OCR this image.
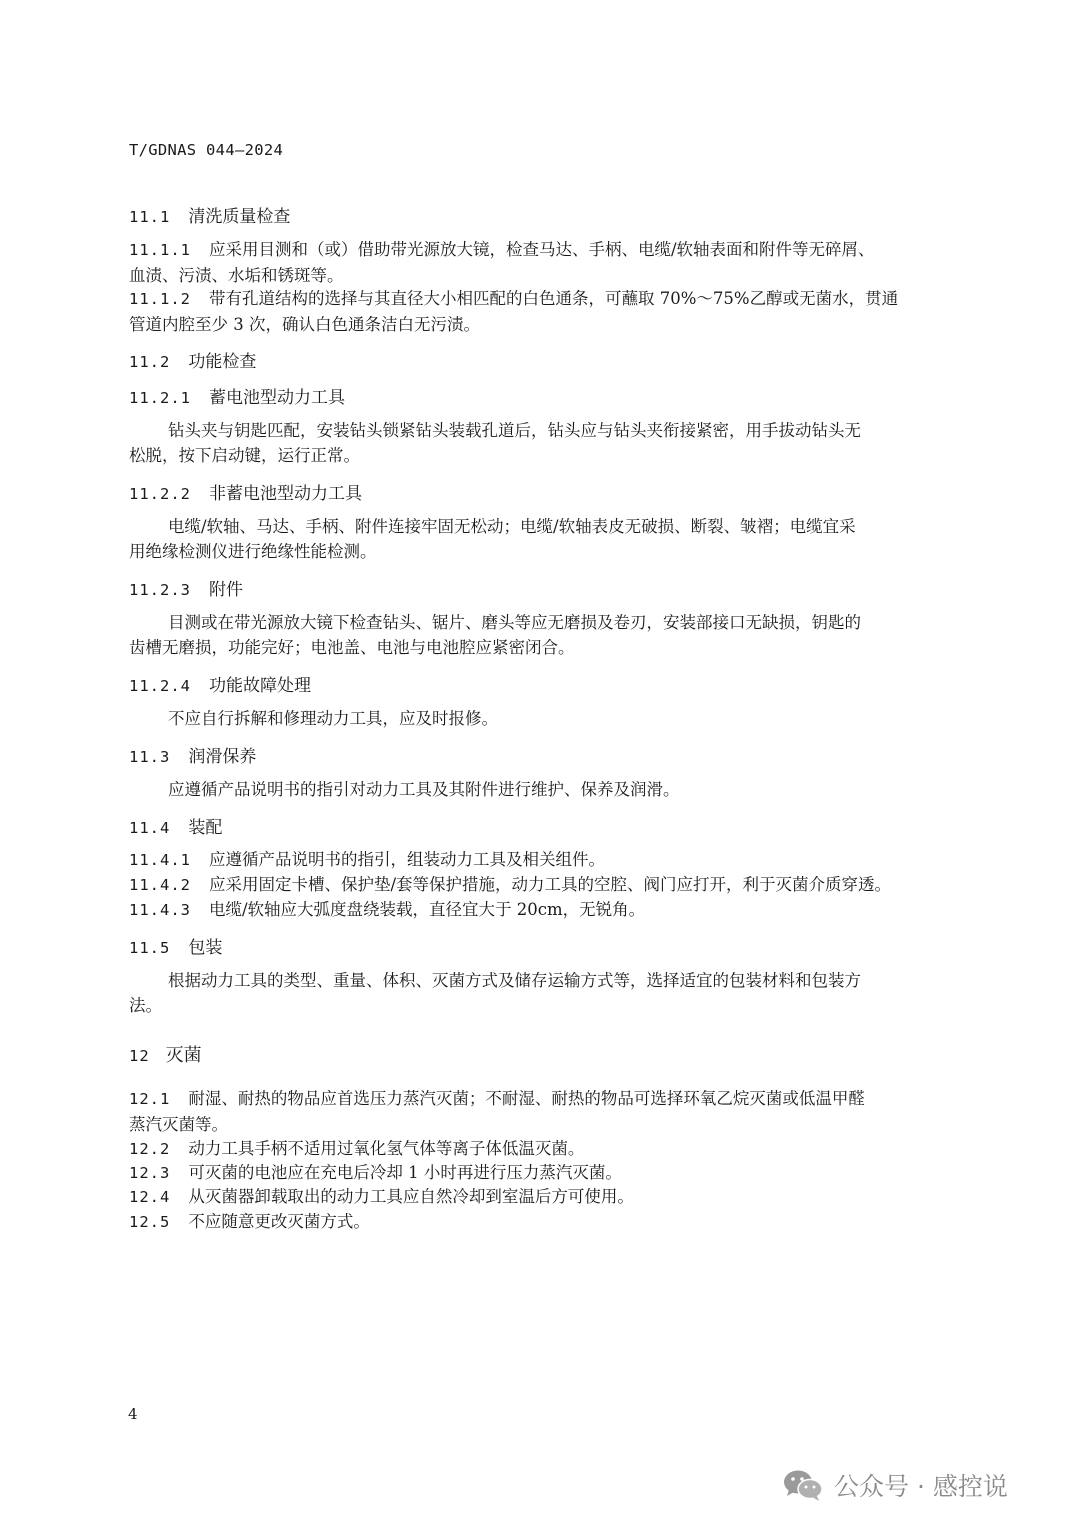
T/GDNAS 044—2024
11.1 清洗质量检查
11.1.1 应采用目测和（或）借助带光源放大镜，检查马达、手柄、电缆/软轴表面和附件等无碎屑、
血渍、污渍、水垢和锈斑等。
11.1.2 带有孔道结构的选择与其直径大小相匹配的白色通条，可蘸取 70%～75%乙醇或无菌水，贯通
管道内腔至少 3 次，确认白色通条洁白无污渍。
11.2 功能检查
11.2.1 蓄电池型动力工具
钻头夹与钥匙匹配，安装钻头锁紧钻头装载孔道后，钻头应与钻头夹衔接紧密，用手拔动钻头无
松脱，按下启动键，运行正常。
11.2.2 非蓄电池型动力工具
电缆/软轴、马达、手柄、附件连接牢固无松动；电缆/软轴表皮无破损、断裂、皱褶；电缆宜采
用绝缘检测仪进行绝缘性能检测。
11.2.3 附件
目测或在带光源放大镜下检查钻头、锯片、磨头等应无磨损及卷刃，安装部接口无缺损，钥匙的
齿槽无磨损，功能完好；电池盖、电池与电池腔应紧密闭合。
11.2.4 功能故障处理
不应自行拆解和修理动力工具，应及时报修。
11.3 润滑保养
应遵循产品说明书的指引对动力工具及其附件进行维护、保养及润滑。
11.4 装配
11.4.1 应遵循产品说明书的指引，组装动力工具及相关组件。
11.4.2 应采用固定卡槽、保护垫/套等保护措施，动力工具的空腔、阀门应打开，利于灭菌介质穿透。
11.4.3 电缆/软轴应大弧度盘绕装载，直径宜大于 20cm，无锐角。
11.5 包装
根据动力工具的类型、重量、体积、灭菌方式及储存运输方式等，选择适宜的包装材料和包装方
法。
12 灭菌
12.1 耐湿、耐热的物品应首选压力蒸汽灭菌；不耐湿、耐热的物品可选择环氧乙烷灭菌或低温甲醛
蒸汽灭菌等。
12.2 动力工具手柄不适用过氧化氢气体等离子体低温灭菌。
12.3 可灭菌的电池应在充电后冷却 1 小时再进行压力蒸汽灭菌。
12.4 从灭菌器卸载取出的动力工具应自然冷却到室温后方可使用。
12.5 不应随意更改灭菌方式。
4
公众号 · 感控说
